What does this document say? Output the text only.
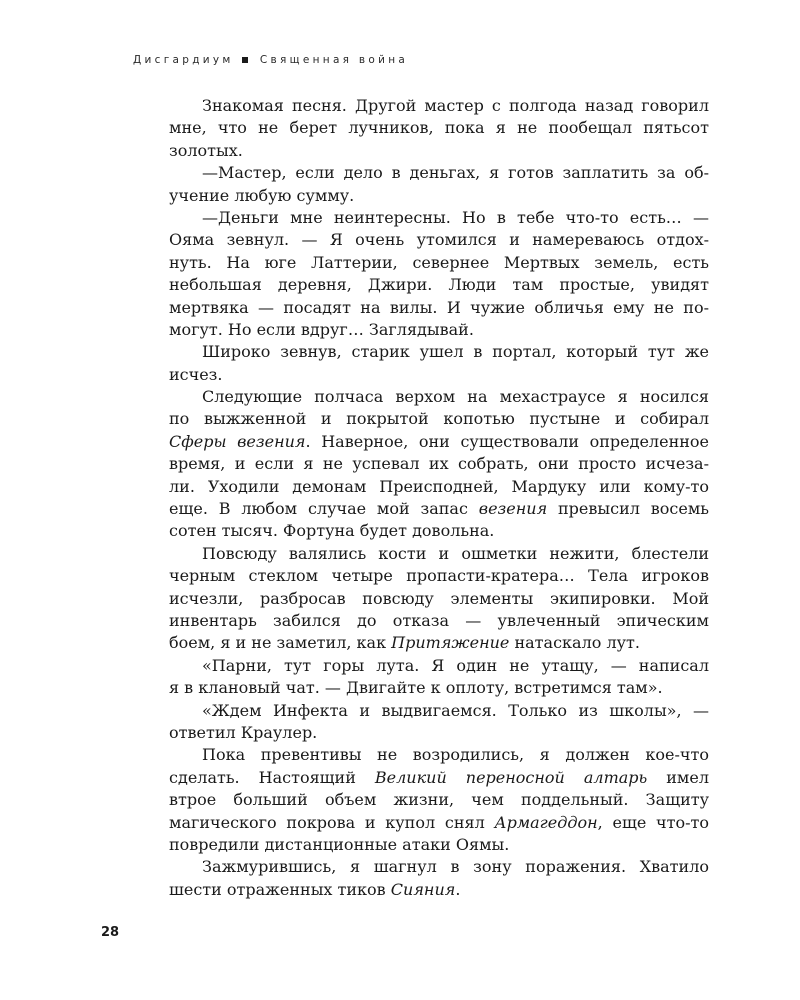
Дисгардиум	Священная война
Знакомая песня. Другой мастер с полгода назад говорил
мне, что не берет лучников, пока я не пообещал пятьсот
золотых.
—Мастер, если дело в деньгах, я готов заплатить за об-
учение любую сумму.
—Деньги мне неинтересны. Но в тебе что-то есть… —
Ояма зевнул. — Я очень утомился и намереваюсь отдох-
нуть. На юге Латтерии, севернее Мертвых земель, есть
небольшая деревня, Джири. Люди там простые, увидят
мертвяка — посадят на вилы. И чужие обличья ему не по-
могут. Но если вдруг… Заглядывай.
Широко зевнув, старик ушел в портал, который тут же
исчез.
Следующие полчаса верхом на мехастраусе я носился
по выжженной и покрытой копотью пустыне и собирал
Сферы везения. Наверное, они существовали определенное
время, и если я не успевал их собрать, они просто исчеза-
ли. Уходили демонам Преисподней, Мардуку или кому-то
еще. В любом случае мой запас везения превысил восемь
сотен тысяч. Фортуна будет довольна.
Повсюду валялись кости и ошметки нежити, блестели
черным стеклом четыре пропасти-кратера… Тела игроков
исчезли, разбросав повсюду элементы экипировки. Мой
инвентарь забился до отказа — увлеченный эпическим
боем, я и не заметил, как Притяжение натаскало лут.
«Парни, тут горы лута. Я один не утащу, — написал
я в клановый чат. — Двигайте к оплоту, встретимся там».
«Ждем Инфекта и выдвигаемся. Только из школы», —
ответил Краулер.
Пока превентивы не возродились, я должен кое-что
сделать. Настоящий Великий переносной алтарь имел
втрое больший объем жизни, чем поддельный. Защиту
магического покрова и купол снял Армагеддон, еще что-то
повредили дистанционные атаки Оямы.
Зажмурившись, я шагнул в зону поражения. Хватило
шести отраженных тиков Сияния.
28
